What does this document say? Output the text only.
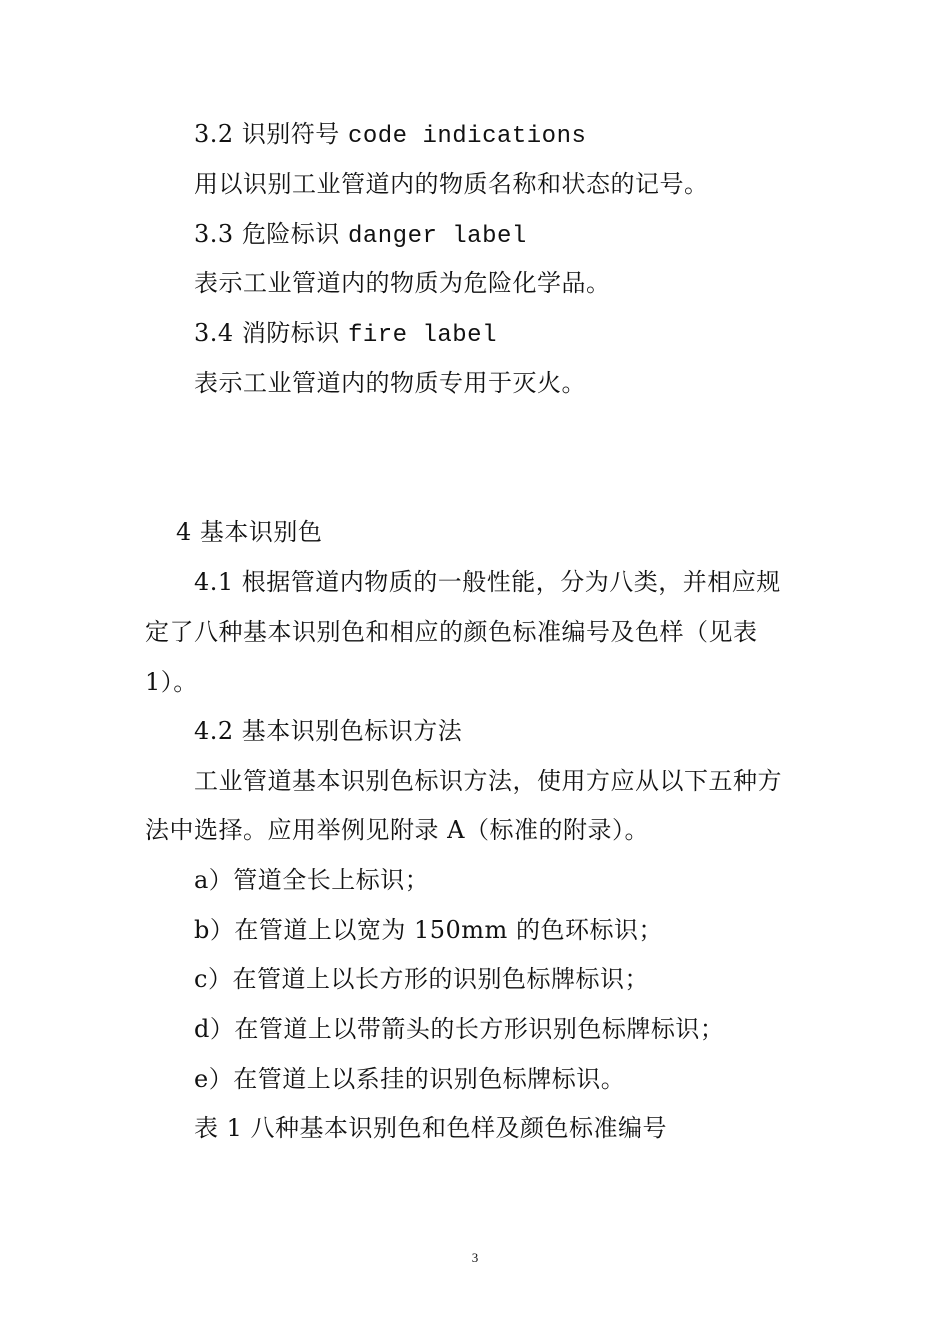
3.2 识别符号 code indications
用以识别工业管道内的物质名称和状态的记号。
3.3 危险标识 danger label
表示工业管道内的物质为危险化学品。
3.4 消防标识 fire label
表示工业管道内的物质专用于灭火。
4 基本识别色
4.1 根据管道内物质的一般性能，分为八类，并相应规
定了八种基本识别色和相应的颜色标准编号及色样（见表
1）。
4.2 基本识别色标识方法
工业管道基本识别色标识方法，使用方应从以下五种方
法中选择。应用举例见附录 A（标准的附录）。
a）管道全长上标识；
b）在管道上以宽为 150mm 的色环标识；
c）在管道上以长方形的识别色标牌标识；
d）在管道上以带箭头的长方形识别色标牌标识；
e）在管道上以系挂的识别色标牌标识。
表 1 八种基本识别色和色样及颜色标准编号
3
